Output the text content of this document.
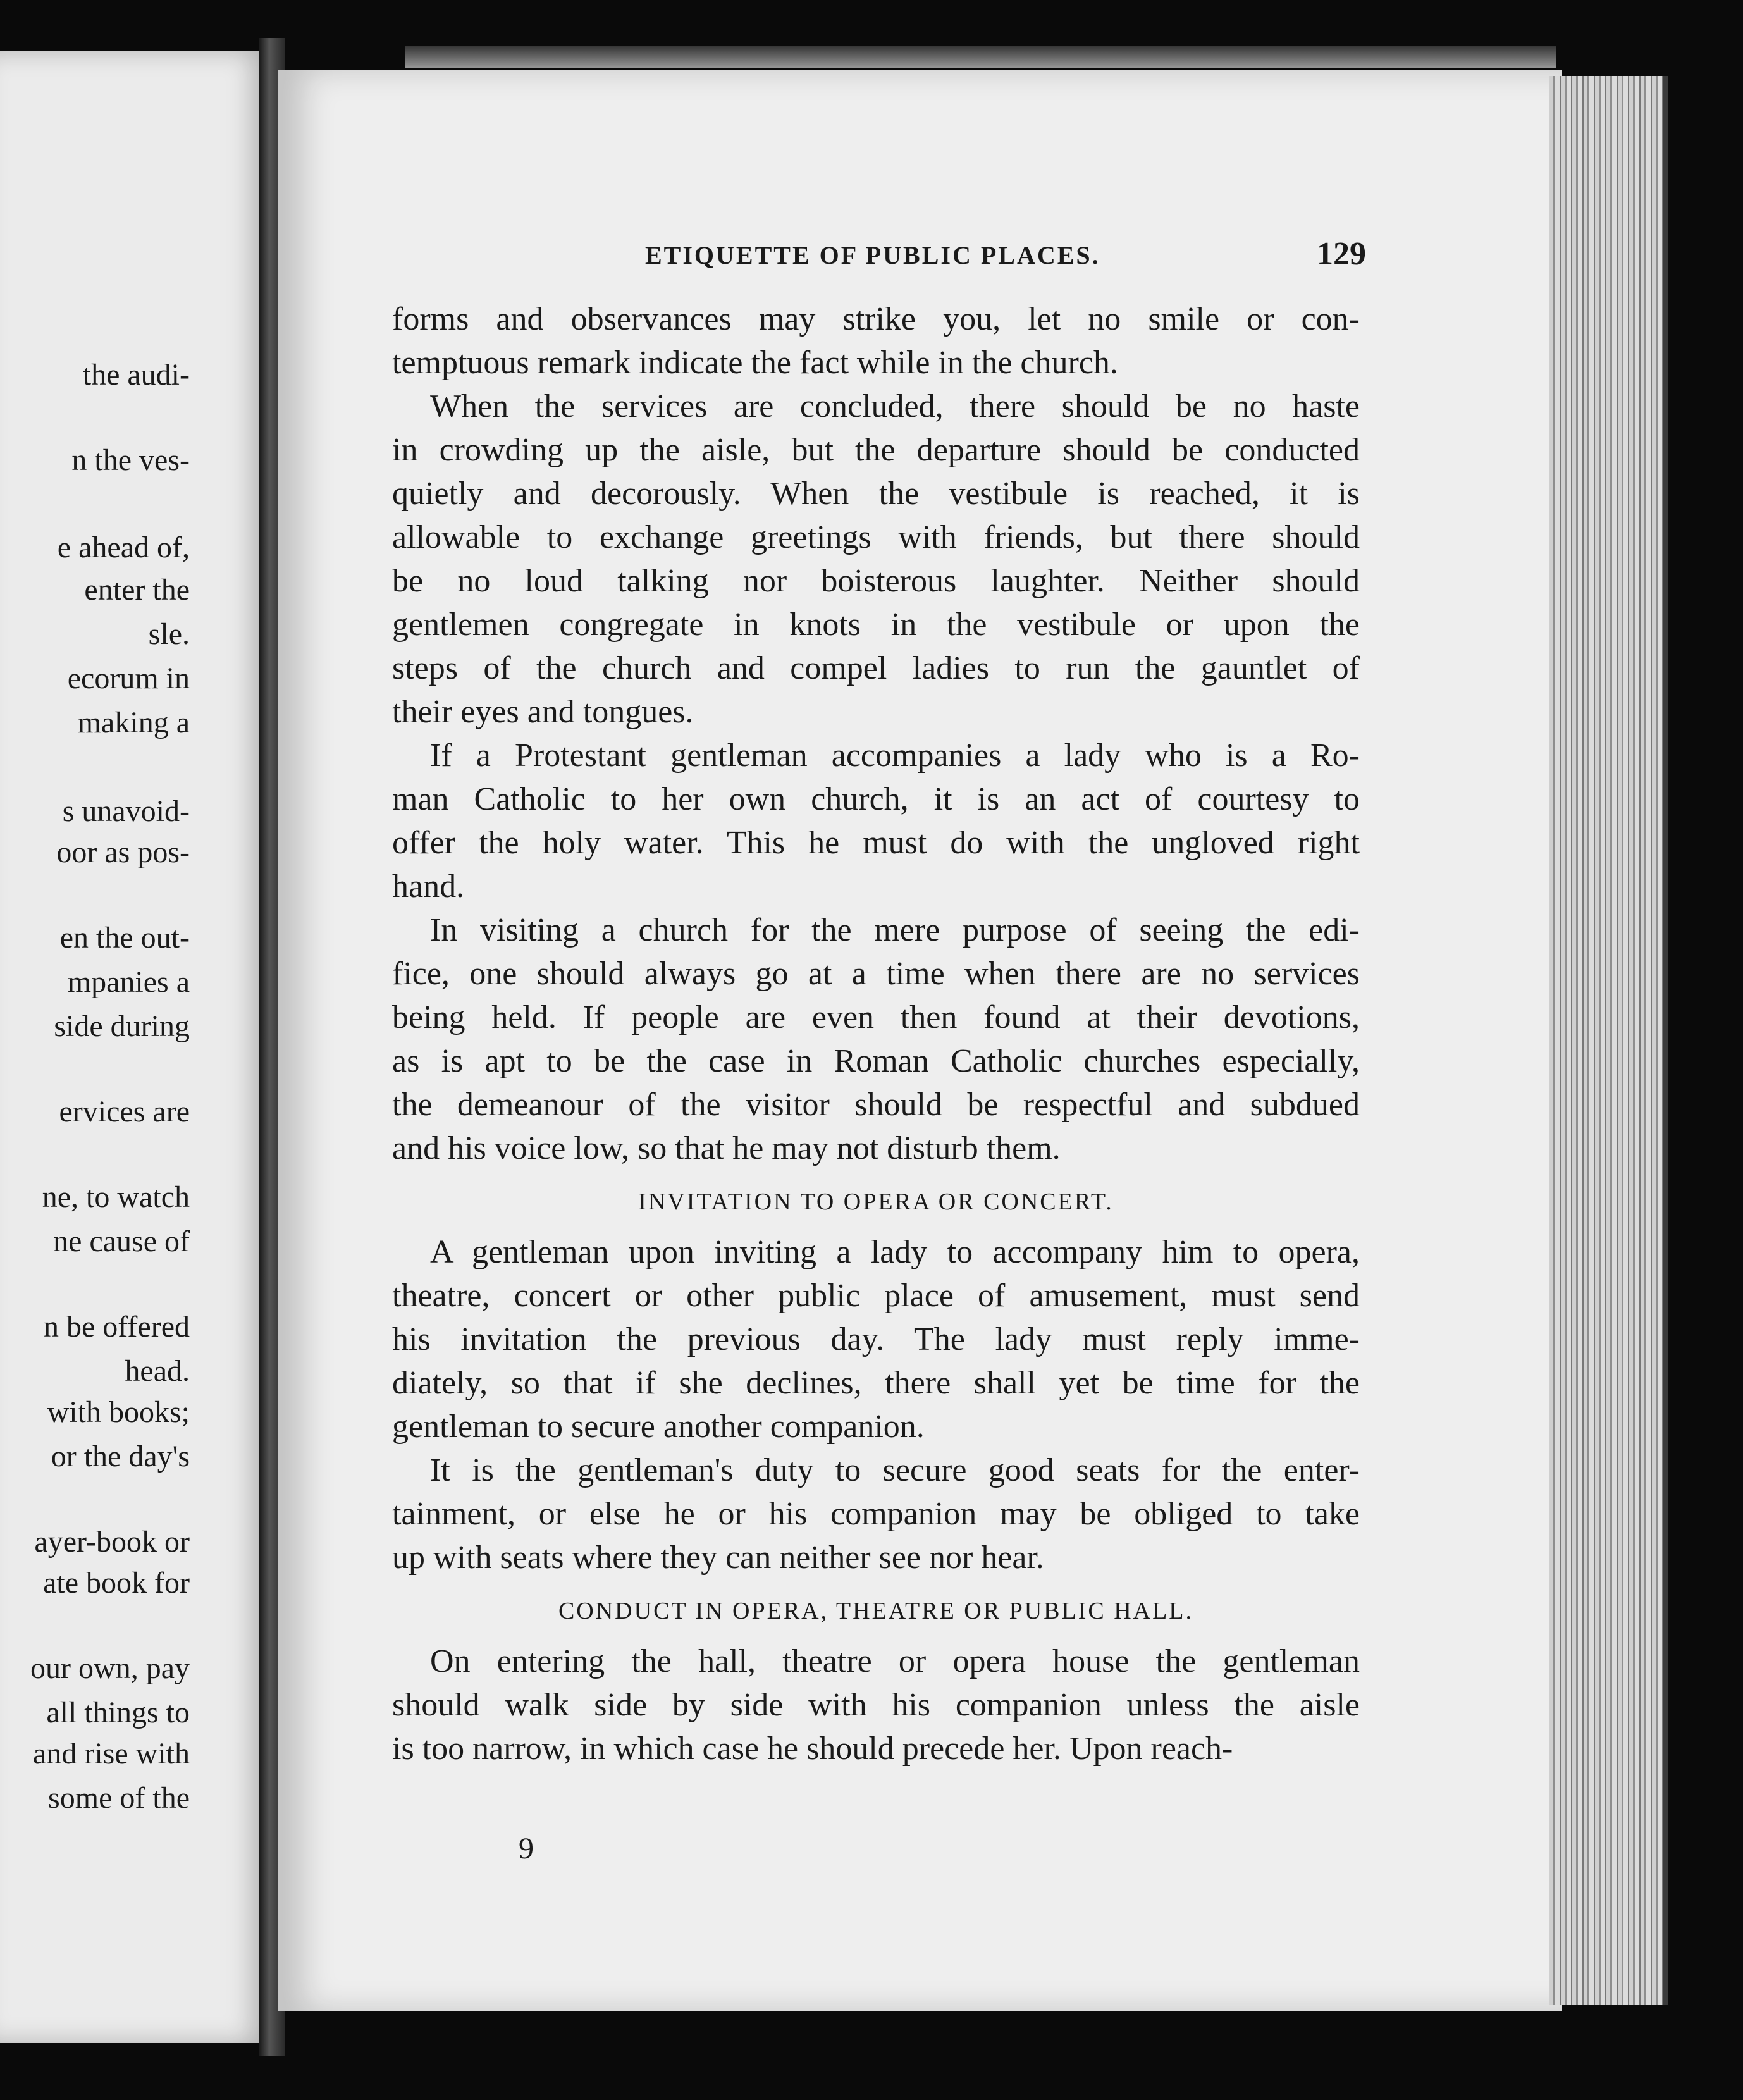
the audi-
n the ves-
e ahead of,
enter the
sle.
ecorum in
making a
s unavoid-
oor as pos-
en the out-
mpanies a
side during
ervices are
ne, to watch
ne cause of
n be offered
head.
with books;
or the day's
ayer-book or
ate book for
our own, pay
all things to
and rise with
some of the
ETIQUETTE OF PUBLIC PLACES.	129
forms and observances may strike you, let no smile or con-
temptuous remark indicate the fact while in the church.
When the services are concluded, there should be no haste
in crowding up the aisle, but the departure should be conducted
quietly and decorously. When the vestibule is reached, it is
allowable to exchange greetings with friends, but there should
be no loud talking nor boisterous laughter. Neither should
gentlemen congregate in knots in the vestibule or upon the
steps of the church and compel ladies to run the gauntlet of
their eyes and tongues.
If a Protestant gentleman accompanies a lady who is a Ro-
man Catholic to her own church, it is an act of courtesy to
offer the holy water. This he must do with the ungloved right
hand.
In visiting a church for the mere purpose of seeing the edi-
fice, one should always go at a time when there are no services
being held. If people are even then found at their devotions,
as is apt to be the case in Roman Catholic churches especially,
the demeanour of the visitor should be respectful and subdued
and his voice low, so that he may not disturb them.
INVITATION TO OPERA OR CONCERT.
A gentleman upon inviting a lady to accompany him to opera,
theatre, concert or other public place of amusement, must send
his invitation the previous day. The lady must reply imme-
diately, so that if she declines, there shall yet be time for the
gentleman to secure another companion.
It is the gentleman's duty to secure good seats for the enter-
tainment, or else he or his companion may be obliged to take
up with seats where they can neither see nor hear.
CONDUCT IN OPERA, THEATRE OR PUBLIC HALL.
On entering the hall, theatre or opera house the gentleman
should walk side by side with his companion unless the aisle
is too narrow, in which case he should precede her. Upon reach-
9
